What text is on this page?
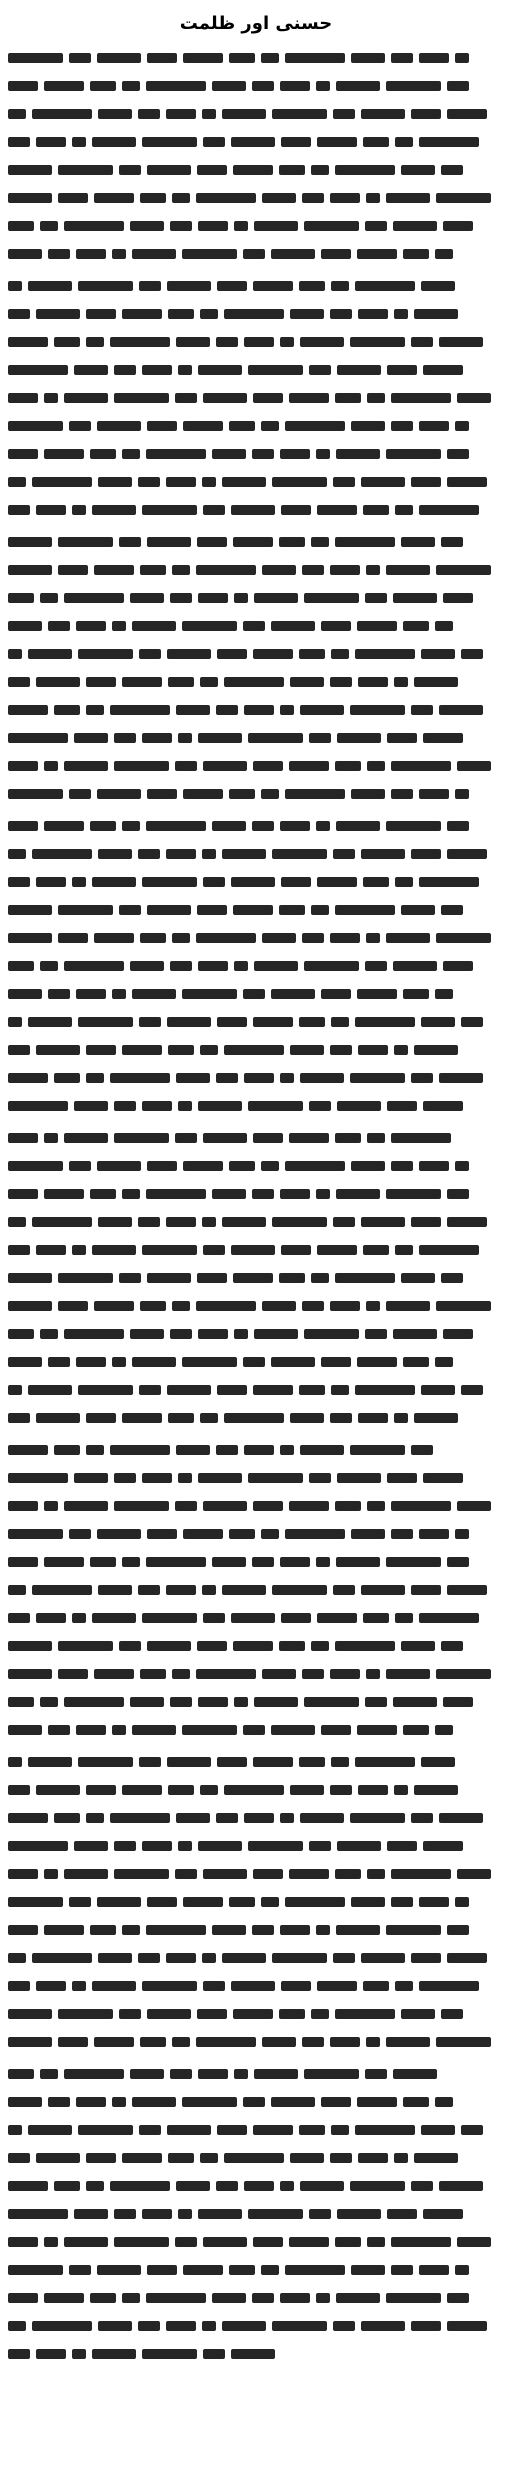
حسنی اور ظلمت
